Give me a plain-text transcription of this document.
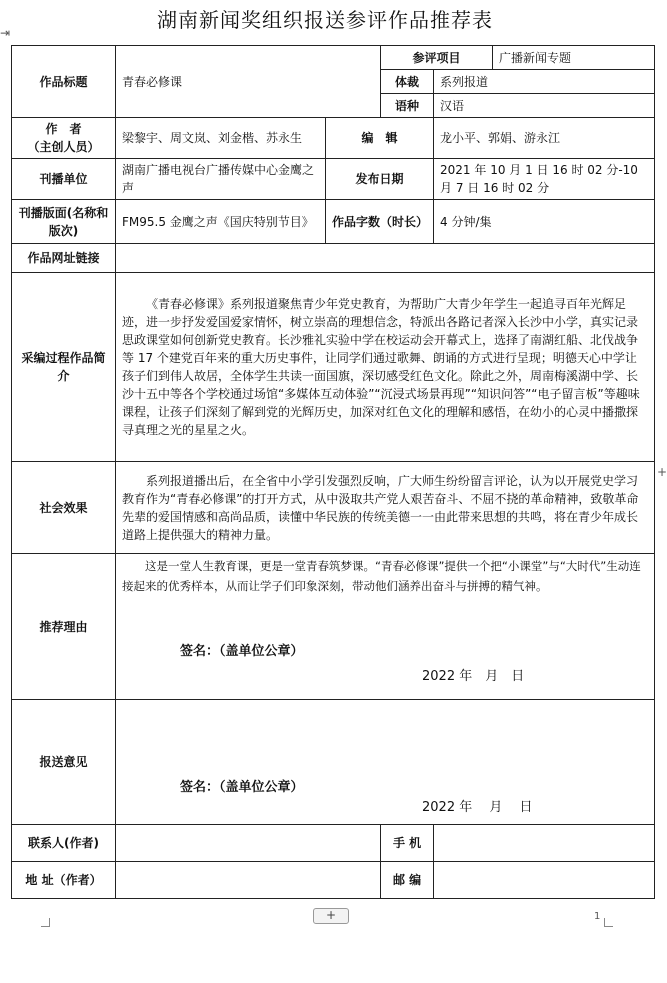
湖南新闻奖组织报送参评作品推荐表
⇥
+
作品标题	青春必修课		参评项目		广播新闻专题
			体裁	系列报道	
			语种	汉语	

作　者
（主创人员）	梁黎宇、周文岚、刘金楷、苏永生	编　辑		龙小平、郭娟、游永江	
刊播单位	湖南广播电视台广播传媒中心金鹰之声	发布日期		2021 年 10 月 1 日 16 时 02 分-10 月 7 日 16 时 02 分	
刊播版面(名称和版次)	FM95.5 金鹰之声《国庆特别节目》	作品字数（时长）		4 分钟/集	
作品网址链接					
采编过程作品简介	《青春必修课》系列报道聚焦青少年党史教育，为帮助广大青少年学生一起追寻百年光辉足迹，进一步抒发爱国爱家情怀，树立崇高的理想信念，特派出各路记者深入长沙中小学，真实记录思政课堂如何创新党史教育。长沙雅礼实验中学在校运动会开幕式上，选择了南湖红船、北伐战争等 17 个建党百年来的重大历史事件，让同学们通过歌舞、朗诵的方式进行呈现；明德天心中学让孩子们到伟人故居，全体学生共读一面国旗，深切感受红色文化。除此之外，周南梅溪湖中学、长沙十五中等各个学校通过场馆“多媒体互动体验”“沉浸式场景再现”“知识问答”“电子留言板”等趣味课程，让孩子们深刻了解到党的光辉历史，加深对红色文化的理解和感悟，在幼小的心灵中播撒探寻真理之光的星星之火。				
社会效果	系列报道播出后，在全省中小学引发强烈反响，广大师生纷纷留言评论，认为以开展党史学习教育作为“青春必修课”的打开方式，从中汲取共产党人艰苦奋斗、不屈不挠的革命精神，致敬革命先辈的爱国情感和高尚品质，读懂中华民族的传统美德一一由此带来思想的共鸣，将在青少年成长道路上提供强大的精神力量。				
推荐理由	这是一堂人生教育课，更是一堂青春筑梦课。“青春必修课”提供一个把“小课堂”与“大时代”生动连接起来的优秀样本，从而让学子们印象深刻，带动他们涵养出奋斗与拼搏的精气神。
签名：（盖单位公章）
2022 年　月　日				

报送意见	签名：（盖单位公章）
2022 年　 月　 日				

联系人(作者)			手 机		
地 址（作者）			邮 编		
+	1
